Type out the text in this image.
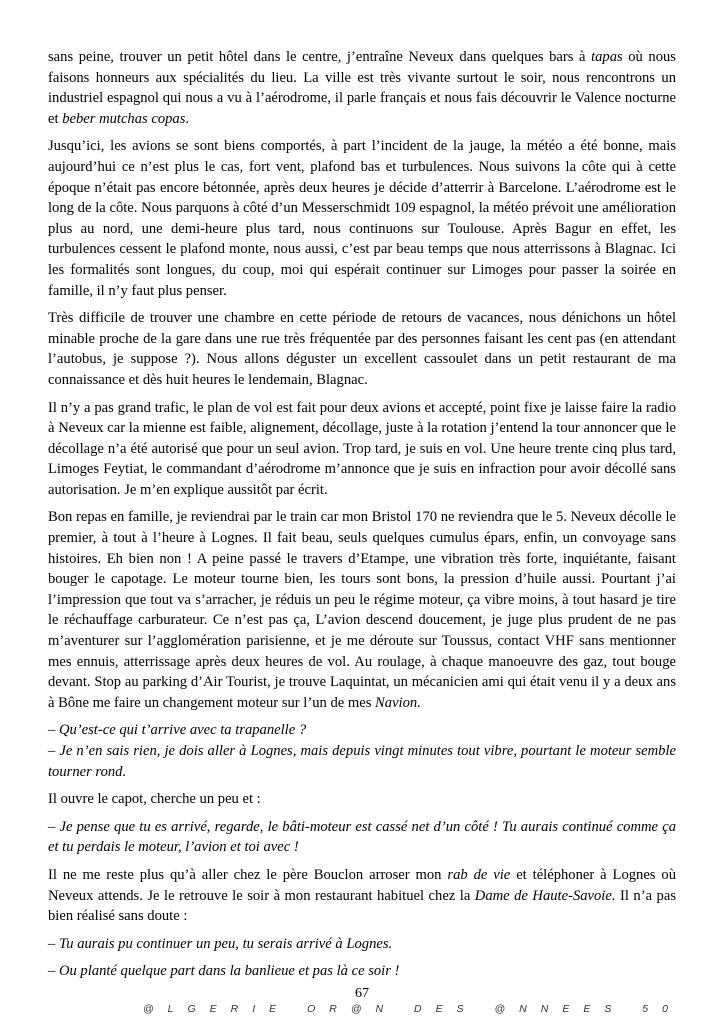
sans peine, trouver un petit hôtel dans le centre, j’entraîne Neveux dans quelques bars à tapas où nous faisons honneurs aux spécialités du lieu. La ville est très vivante surtout le soir, nous rencontrons un industriel espagnol qui nous a vu à l’aérodrome, il parle français et nous fais découvrir le Valence nocturne et beber mutchas copas.

Jusqu’ici, les avions se sont biens comportés, à part l’incident de la jauge, la météo a été bonne, mais aujourd’hui ce n’est plus le cas, fort vent, plafond bas et turbulences. Nous suivons la côte qui à cette époque n’était pas encore bétonnée, après deux heures je décide d’atterrir à Barcelone. L’aérodrome est le long de la côte. Nous parquons à côté d’un Messerschmidt 109 espagnol, la météo prévoit une amélioration plus au nord, une demi-heure plus tard, nous continuons sur Toulouse. Après Bagur en effet, les turbulences cessent le plafond monte, nous aussi, c’est par beau temps que nous atterrissons à Blagnac. Ici les formalités sont longues, du coup, moi qui espérait continuer sur Limoges pour passer la soirée en famille, il n’y faut plus penser.

Très difficile de trouver une chambre en cette période de retours de vacances, nous dénichons un hôtel minable proche de la gare dans une rue très fréquentée par des personnes faisant les cent pas (en attendant l’autobus, je suppose ?). Nous allons déguster un excellent cassoulet dans un petit restaurant de ma connaissance et dès huit heures le lendemain, Blagnac.

Il n’y a pas grand trafic, le plan de vol est fait pour deux avions et accepté, point fixe je laisse faire la radio à Neveux car la mienne est faible, alignement, décollage, juste à la rotation j’entend la tour annoncer que le décollage n’a été autorisé que pour un seul avion. Trop tard, je suis en vol. Une heure trente cinq plus tard, Limoges Feytiat, le commandant d’aérodrome m’annonce que je suis en infraction pour avoir décollé sans autorisation. Je m’en explique aussitôt par écrit.

Bon repas en famille, je reviendrai par le train car mon Bristol 170 ne reviendra que le 5. Neveux décolle le premier, à tout à l’heure à Lognes. Il fait beau, seuls quelques cumulus épars, enfin, un convoyage sans histoires. Eh bien non ! A peine passé le travers d’Etampe, une vibration très forte, inquiétante, faisant bouger le capotage. Le moteur tourne bien, les tours sont bons, la pression d’huile aussi. Pourtant j’ai l’impression que tout va s’arracher, je réduis un peu le régime moteur, ça vibre moins, à tout hasard je tire le réchauffage carburateur. Ce n’est pas ça, L’avion descend doucement, je juge plus prudent de ne pas m’aventurer sur l’agglomération parisienne, et je me déroute sur Toussus, contact VHF sans mentionner mes ennuis, atterrissage après deux heures de vol. Au roulage, à chaque manoeuvre des gaz, tout bouge devant. Stop au parking d’Air Tourist, je trouve Laquintat, un mécanicien ami qui était venu il y a deux ans à Bône me faire un changement moteur sur l’un de mes Navion.

– Qu’est-ce qui t’arrive avec ta trapanelle ?

– Je n’en sais rien, je dois aller à Lognes, mais depuis vingt minutes tout vibre, pourtant le moteur semble tourner rond.

Il ouvre le capot, cherche un peu et :

– Je pense que tu es arrivé, regarde, le bâti-moteur est cassé net d’un côté ! Tu aurais continué comme ça et tu perdais le moteur, l’avion et toi avec !

Il ne me reste plus qu’à aller chez le père Bouclon arroser mon rab de vie et téléphoner à Lognes où Neveux attends. Je le retrouve le soir à mon restaurant habituel chez la Dame de Haute-Savoie. Il n’a pas bien réalisé sans doute :

– Tu aurais pu continuer un peu, tu serais arrivé à Lognes.

– Ou planté quelque part dans la banlieue et pas là ce soir !

67
@LGERIE OR@N DES @NNEES 50
